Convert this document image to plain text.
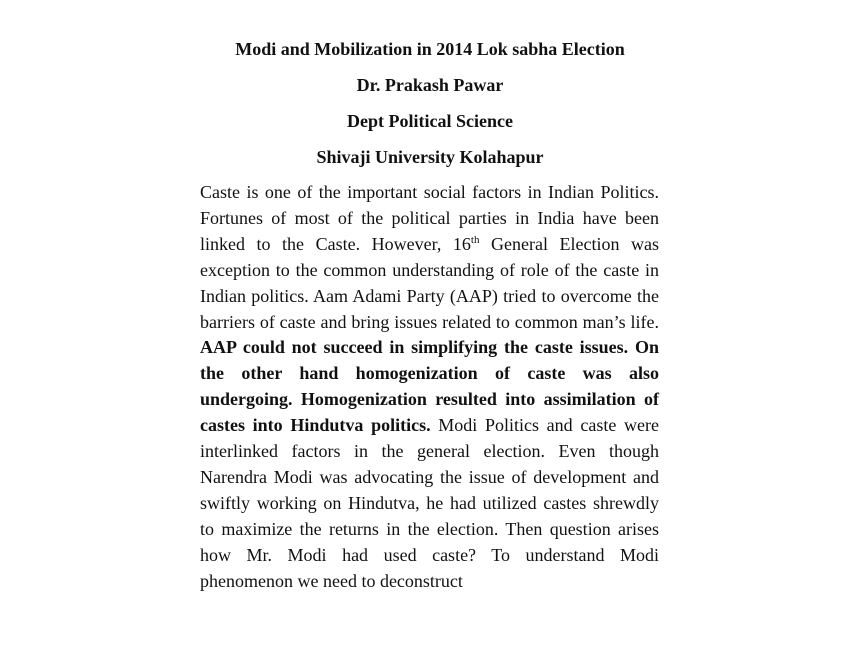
Modi and Mobilization in 2014 Lok sabha Election
Dr. Prakash Pawar
Dept Political Science
Shivaji University Kolahapur

Caste is one of the important social factors in Indian Politics. Fortunes of most of the political parties in India have been linked to the Caste. However, 16th General Election was exception to the common understanding of role of the caste in Indian politics. Aam Adami Party (AAP) tried to overcome the barriers of caste and bring issues related to common man’s life. AAP could not succeed in simplifying the caste issues. On the other hand homogenization of caste was also undergoing. Homogenization resulted into assimilation of castes into Hindutva politics. Modi Politics and caste were interlinked factors in the general election. Even though Narendra Modi was advocating the issue of development and swiftly working on Hindutva, he had utilized castes shrewdly to maximize the returns in the election. Then question arises how Mr. Modi had used caste? To understand Modi phenomenon we need to deconstruct
